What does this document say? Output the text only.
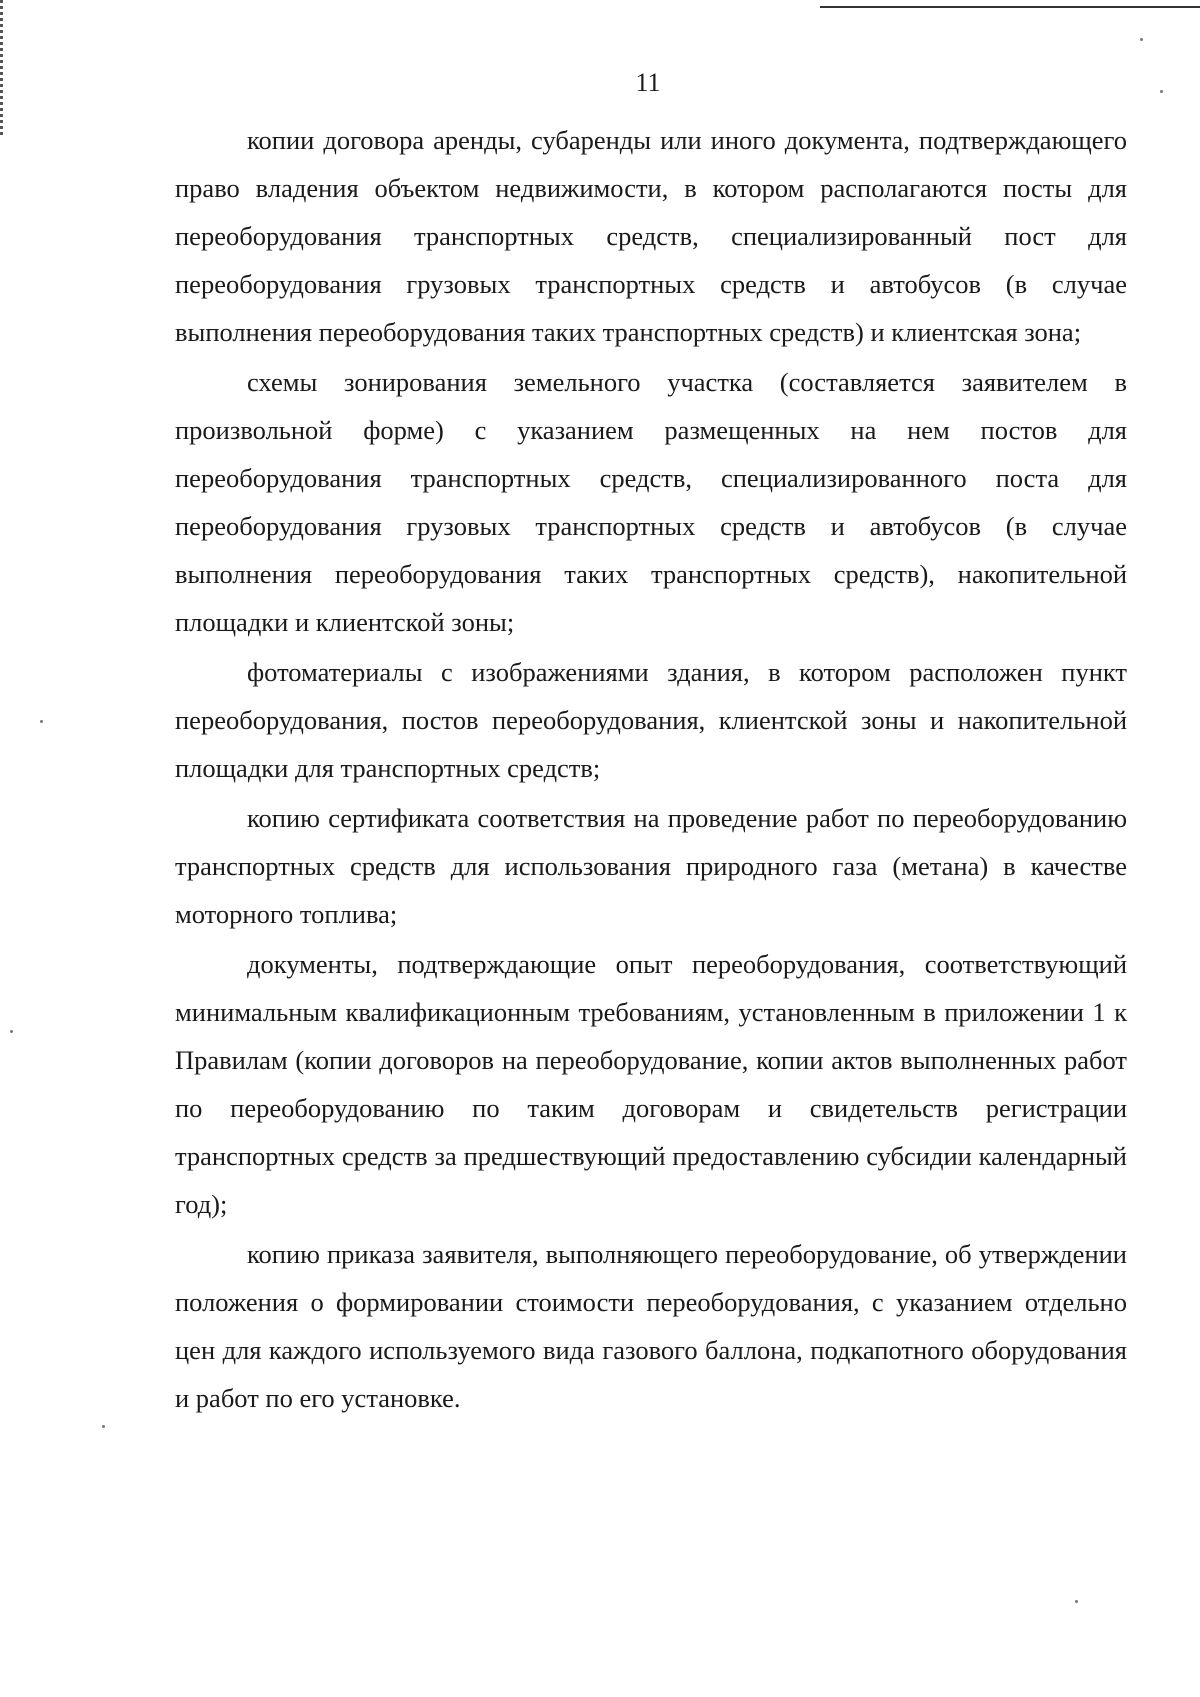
11

копии договора аренды, субаренды или иного документа, подтверждающего право владения объектом недвижимости, в котором располагаются посты для переоборудования транспортных средств, специализированный пост для переоборудования грузовых транспортных средств и автобусов (в случае выполнения переоборудования таких транспортных средств) и клиентская зона;

схемы зонирования земельного участка (составляется заявителем в произвольной форме) с указанием размещенных на нем постов для переоборудования транспортных средств, специализированного поста для переоборудования грузовых транспортных средств и автобусов (в случае выполнения переоборудования таких транспортных средств), накопительной площадки и клиентской зоны;

фотоматериалы с изображениями здания, в котором расположен пункт переоборудования, постов переоборудования, клиентской зоны и накопительной площадки для транспортных средств;

копию сертификата соответствия на проведение работ по переоборудованию транспортных средств для использования природного газа (метана) в качестве моторного топлива;

документы, подтверждающие опыт переоборудования, соответствующий минимальным квалификационным требованиям, установленным в приложении 1 к Правилам (копии договоров на переоборудование, копии актов выполненных работ по переоборудованию по таким договорам и свидетельств регистрации транспортных средств за предшествующий предоставлению субсидии календарный год);

копию приказа заявителя, выполняющего переоборудование, об утверждении положения о формировании стоимости переоборудования, с указанием отдельно цен для каждого используемого вида газового баллона, подкапотного оборудования и работ по его установке.
